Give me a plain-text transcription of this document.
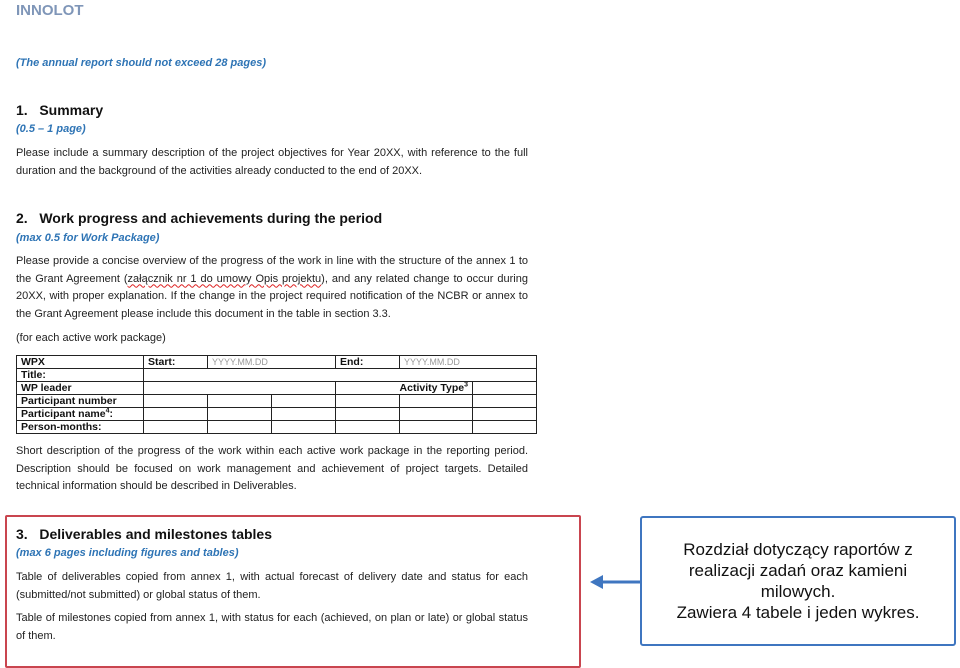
INNOLOT
(The annual report should not exceed 28 pages)
1.   Summary
(0.5 – 1 page)

Please include a summary description of the project objectives for Year 20XX, with reference to the full duration and the background of the activities already conducted to the end of 20XX.

2.   Work progress and achievements during the period
(max 0.5 for Work Package)

Please provide a concise overview of the progress of the work in line with the structure of the annex 1 to the Grant Agreement (załącznik nr 1 do umowy Opis projektu), and any related change to occur during 20XX, with proper explanation. If the change in the project required notification of the NCBR or annex to the Grant Agreement please include this document in the table in section 3.3.

(for each active work package)
WPX	Start:	YYYY.MM.DD		End:	YYYY.MM.DD	
Title:						
WP leader				Activity Type$^3$	
Participant number						
Participant name$^4$:						
Person-months:						

Short description of the progress of the work within each active work package in the reporting period. Description should be focused on work management and achievement of project targets. Detailed technical information should be described in Deliverables.

3.   Deliverables and milestones tables
(max 6 pages including figures and tables)

Table of deliverables copied from annex 1, with actual forecast of delivery date and status for each (submitted/not submitted) or global status of them.

Table of milestones copied from annex 1, with status for each (achieved, on plan or late) or global status of them.

Rozdział dotyczący raportów z
realizacji zadań oraz kamieni
milowych.
Zawiera 4 tabele i jeden wykres.
